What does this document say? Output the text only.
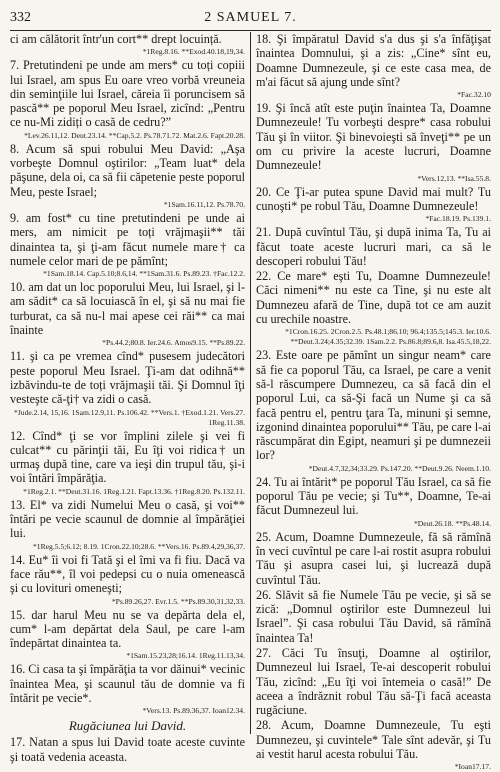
332	2 SAMUEL 7.

ci am călătorit într'un cort** drept locuință.

*1Reg.8.16. **Exod.40.18,19,34.

7. Pretutindeni pe unde am mers* cu toți copiii lui Israel, am spus Eu oare vreo vorbă vreuneia din seminţiile lui Israel, căreia îi poruncisem să pască** pe poporul Meu Israel, zicînd: „Pentru ce nu-Mi zidiți o casă de cedru?”

*Lev.26.11,12. Deut.23.14. **Cap.5.2. Ps.78.71.72. Mat.2.6. Fapt.20.28.

8. Acum să spui robului Meu David: „Aşa vorbeşte Domnul oştirilor: „Team luat* dela păşune, dela oi, ca să fii căpetenie peste poporul Meu, peste Israel;

*1Sam.16.11,12. Ps.78.70.

9. am fost* cu tine pretutindeni pe unde ai mers, am nimicit pe toți vrăjmaşii** tăi dinaintea ta, şi ţi-am făcut numele mare† ca numele celor mari de pe pămînt;

*1Sam.18.14. Cap.5.10;8.6,14. **1Sam.31.6. Ps.89.23. †Fac.12.2.

10. am dat un loc poporului Meu, lui Israel, şi l-am sădit* ca să locuiască în el, şi să nu mai fie turburat, ca să nu-l mai apese cei răi** ca mai înainte

*Ps.44.2;80.8. Ier.24.6. Amos9.15. **Ps.89.22.

11. şi ca pe vremea cînd* pusesem judecători peste poporul Meu Israel. Ţi-am dat odihnă** izbăvindu-te de toți vrăjmaşii tăi. Şi Domnul îţi vesteşte că-ţi† va zidi o casă.

*Jude.2.14, 15,16. 1Sam.12.9,11. Ps.106.42. **Vers.1. †Exod.1.21. Vers.27. 1Reg.11.38.

12. Cînd* ţi se vor împlini zilele şi vei fi culcat** cu părinţii tăi, Eu îţi voi ridica† un urmaş după tine, care va ieşi din trupul tău, şi-i voi întări împărăţia.

*1Reg.2.1. **Deut.31.16. 1Reg.1.21. Fapt.13.36. †1Reg.8.20. Ps.132.11.

13. El* va zidi Numelui Meu o casă, şi voi** întări pe vecie scaunul de domnie al împărăţiei lui.

*1Reg.5.5;6.12; 8.19. 1Cron.22.10;28.6. **Vers.16. Ps.89.4,29,36,37.

14. Eu* îi voi fi Tată şi el îmi va fi fiu. Dacă va face rău**, îl voi pedepsi cu o nuia omenească şi cu lovituri omeneşti;

*Ps.89.26,27. Evr.1.5. **Ps.89.30,31,32,33.

15. dar harul Meu nu se va depărta dela el, cum* l-am depărtat dela Saul, pe care l-am îndepărtat dinaintea ta.

*1Sam.15.23,28;16.14. 1Reg.11.13,34.

16. Ci casa ta şi împărăţia ta vor dăinui* vecinic înaintea Mea, şi scaunul tău de domnie va fi întărit pe vecie*.

*Vers.13. Ps.89.36,37. Ioan12.34.
Rugăciunea lui David.

17. Natan a spus lui David toate aceste cuvinte şi toată vedenia aceasta.

18. Şi împăratul David s'a dus şi s'a înfăţişat înaintea Domnului, şi a zis: „Cine* sînt eu, Doamne Dumnezeule, şi ce este casa mea, de m'ai făcut să ajung unde sînt?

*Fac.32.10

19. Şi încă atît este puţin înaintea Ta, Doamne Dumnezeule! Tu vorbeşti despre* casa robului Tău şi în viitor. Şi binevoieşti să înveţi** pe un om cu privire la aceste lucruri, Doamne Dumnezeule!

*Vers.12,13. **Isa.55.8.

20. Ce Ţi-ar putea spune David mai mult? Tu cunoşti* pe robul Tău, Doamne Dumnezeule!

*Fac.18.19. Ps.139.1.

21. După cuvîntul Tău, şi după inima Ta, Tu ai făcut toate aceste lucruri mari, ca să le descoperi robului Tău!

22. Ce mare* eşti Tu, Doamne Dumnezeule! Căci nimeni** nu este ca Tine, şi nu este alt Dumnezeu afară de Tine, după tot ce am auzit cu urechile noastre.

*1Cron.16.25. 2Cron.2.5. Ps.48.1;86.10; 96.4;135.5;145.3. Ier.10.6. **Deut.3.24;4.35;32.39. 1Sam.2.2. Ps.86.8;89.6,8. Isa.45.5,18,22.

23. Este oare pe pămînt un singur neam* care să fie ca poporul Tău, ca Israel, pe care a venit să-l răscumpere Dumnezeu, ca să facă din el poporul Lui, ca să-Şi facă un Nume şi ca să facă pentru el, pentru ţara Ta, minuni şi semne, izgonind dinaintea poporului** Tău, pe care l-ai răscumpărat din Egipt, neamuri şi pe dumnezeii lor?

*Deut.4.7,32,34;33.29. Ps.147.20. **Deut.9.26. Neem.1.10.

24. Tu ai întărit* pe poporul Tău Israel, ca să fie poporul Tău pe vecie; şi Tu**, Doamne, Te-ai făcut Dumnezeul lui.

*Deut.26.18. **Ps.48.14.

25. Acum, Doamne Dumnezeule, fă să rămînă în veci cuvîntul pe care l-ai rostit asupra robului Tău şi asupra casei lui, şi lucrează după cuvîntul Tău.

26. Slăvit să fie Numele Tău pe vecie, şi să se zică: „Domnul oştirilor este Dumnezeul lui Israel”. Şi casa robului Tău David, să rămînă înaintea Ta!

27. Căci Tu însuţi, Doamne al oştirilor, Dumnezeul lui Israel, Te-ai descoperit robului Tău, zicînd: „Eu îţi voi întemeia o casă!” De aceea a îndrăznit robul Tău să-Ţi facă aceasta rugăciune.

28. Acum, Doamne Dumnezeule, Tu eşti Dumnezeu, şi cuvintele* Tale sînt adevăr, şi Tu ai vestit harul acesta robului Tău.

*Ioan17.17.
